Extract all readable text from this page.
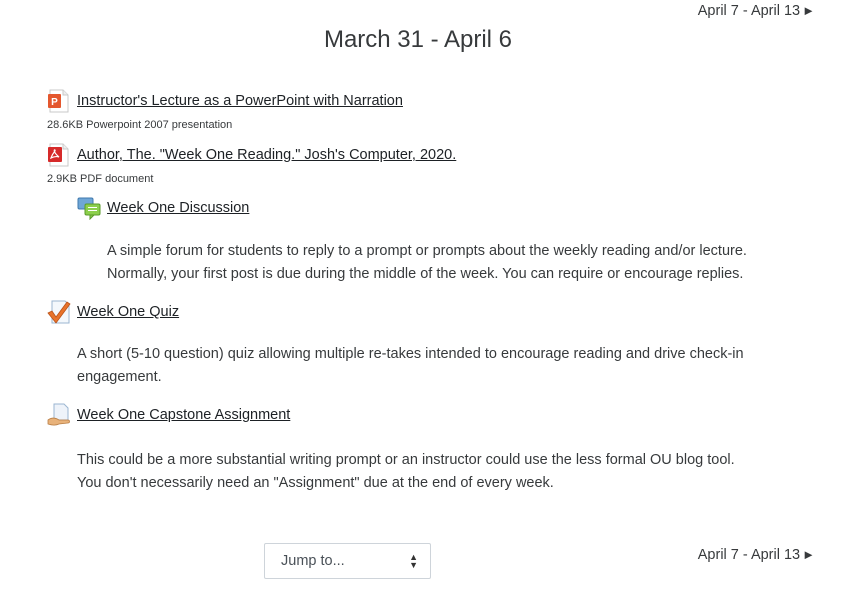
April 7 - April 13 ►
March 31 - April 6
P Instructor's Lecture as a PowerPoint with Narration
28.6KB Powerpoint 2007 presentation
Author, The. "Week One Reading." Josh's Computer, 2020.
2.9KB PDF document
Week One Discussion
A simple forum for students to reply to a prompt or prompts about the weekly reading and/or lecture.
Normally, your first post is due during the middle of the week. You can require or encourage replies.
Week One Quiz
A short (5-10 question) quiz allowing multiple re-takes intended to encourage reading and drive check-in
engagement.
Week One Capstone Assignment
This could be a more substantial writing prompt or an instructor could use the less formal OU blog tool.
You don't necessarily need an "Assignment" due at the end of every week.
Jump to...	▲
▼
April 7 - April 13 ►
